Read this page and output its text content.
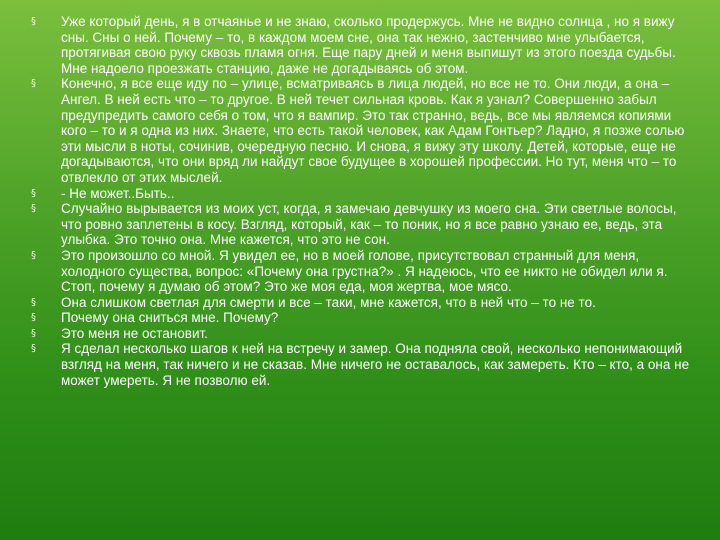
§ Уже который день, я в отчаянье и не знаю, сколько продержусь. Мне не видно солнца , но я вижу сны. Сны о ней. Почему – то, в каждом моем сне, она так нежно, застенчиво мне улыбается, протягивая свою руку сквозь пламя огня. Еще пару дней и меня выпишут из этого поезда судьбы. Мне надоело проезжать станцию, даже не догадываясь об этом.
§ Конечно, я все еще иду по – улице, всматриваясь в лица людей, но все не то. Они люди, а она – Ангел. В ней есть что – то другое. В ней течет сильная кровь. Как я узнал? Совершенно забыл предупредить самого себя о том, что я вампир. Это так странно, ведь, все мы являемся копиями кого – то и я одна из них. Знаете, что есть такой человек, как Адам Гонтьер? Ладно, я позже солью эти мысли в ноты, сочинив, очередную песню. И снова, я вижу эту школу. Детей, которые, еще не догадываются, что они вряд ли найдут свое будущее в хорошей профессии. Но тут, меня что – то отвлекло от этих мыслей.
§ - Не может..Быть..
§ Случайно вырывается из моих уст, когда, я замечаю девчушку из моего сна. Эти светлые волосы, что ровно заплетены в косу. Взгляд, который, как – то поник, но я все равно узнаю ее, ведь, эта улыбка. Это точно она. Мне кажется, что это не сон.
§ Это произошло со мной. Я увидел ее, но в моей голове, присутствовал странный для меня, холодного существа, вопрос: «Почему она грустна?» . Я надеюсь, что ее никто не обидел или я. Стоп, почему я думаю об этом? Это же моя еда, моя жертва, мое мясо.
§ Она слишком светлая для смерти и все – таки, мне кажется, что в ней что – то не то.
§ Почему она сниться мне. Почему?
§ Это меня не остановит.
§ Я сделал несколько шагов к ней на встречу и замер. Она подняла свой, несколько непонимающий взгляд на меня, так ничего и не сказав. Мне ничего не оставалось, как замереть. Кто – кто, а она не может умереть. Я не позволю ей.
